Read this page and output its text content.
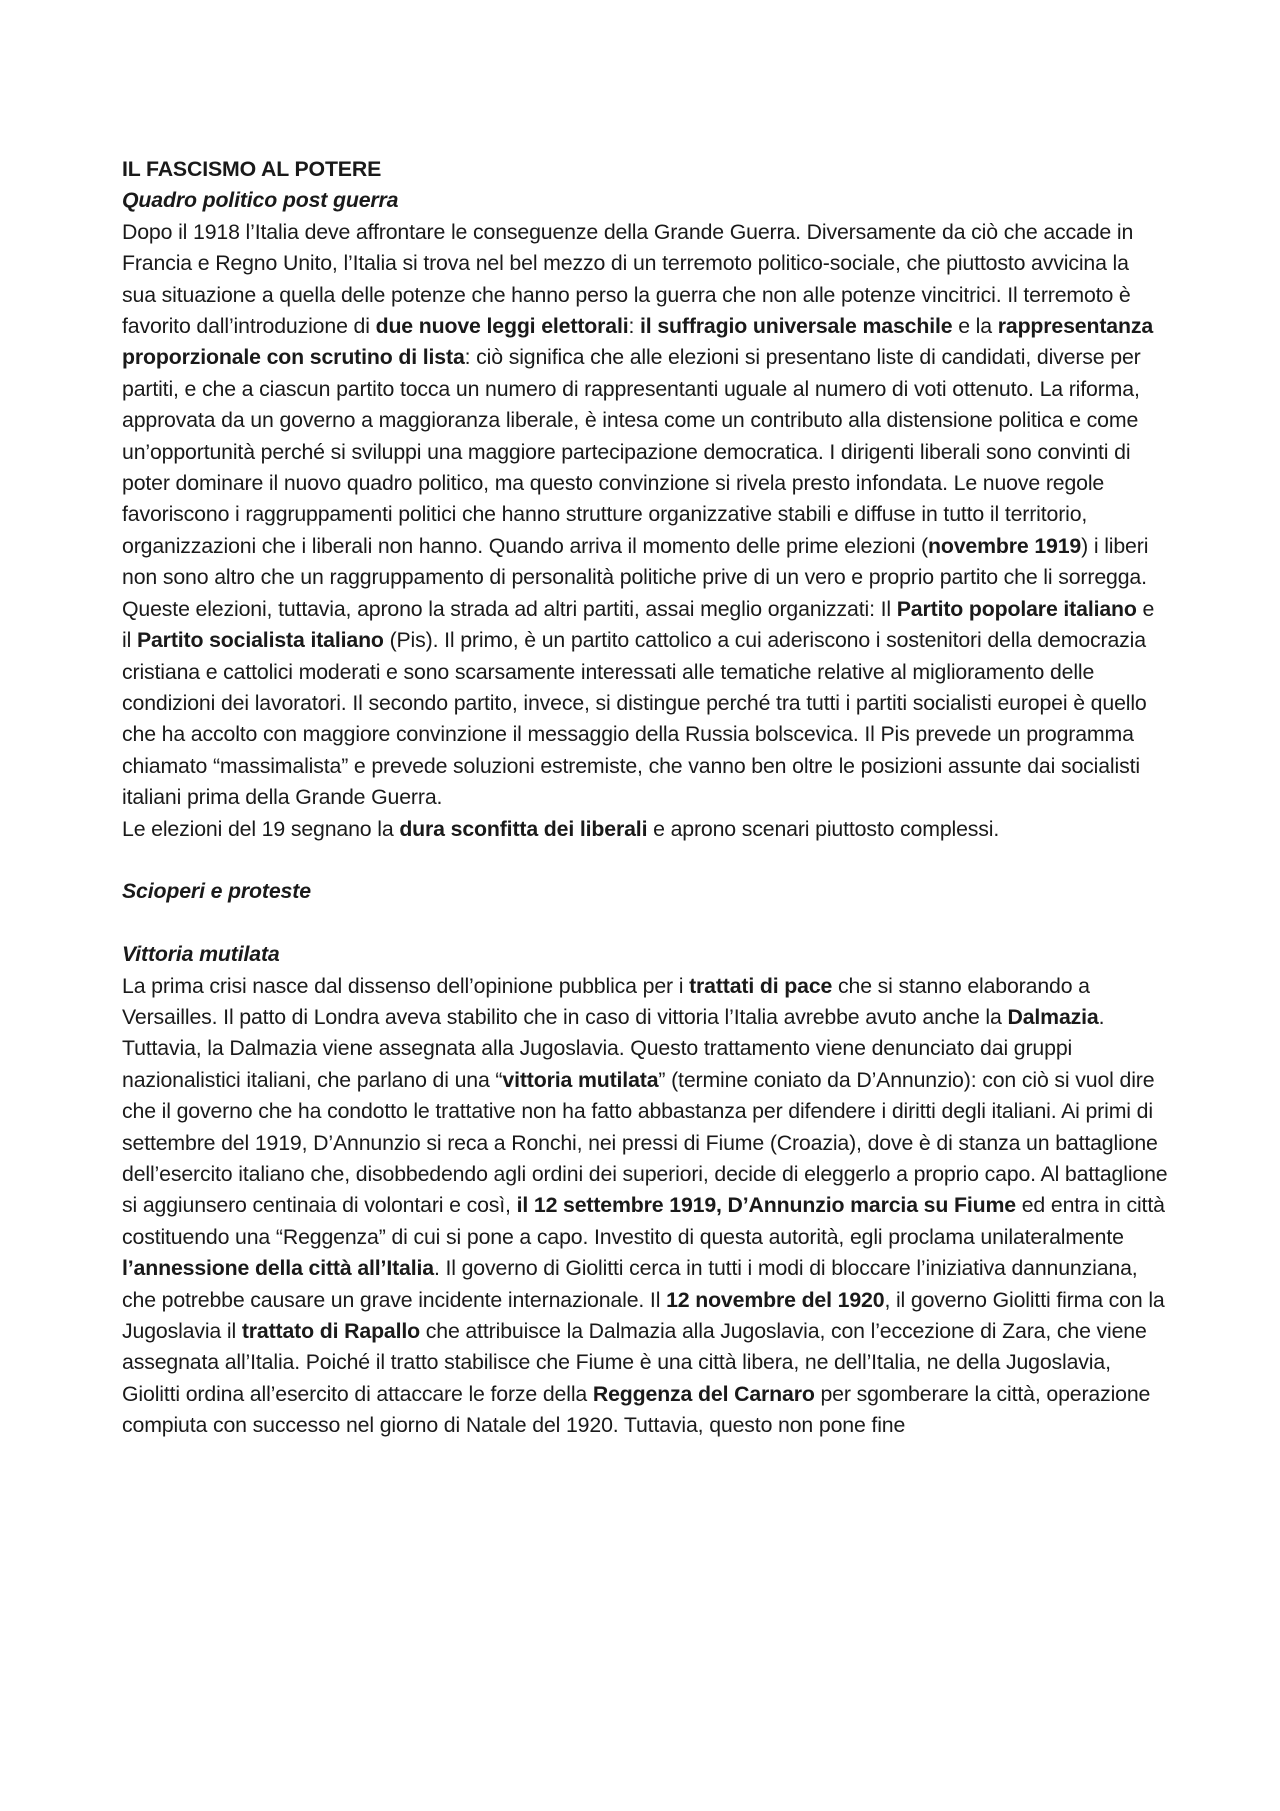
IL FASCISMO AL POTERE

Quadro politico post guerra

Dopo il 1918 l’Italia deve affrontare le conseguenze della Grande Guerra. Diversamente da ciò che accade in Francia e Regno Unito, l’Italia si trova nel bel mezzo di un terremoto politico-sociale, che piuttosto avvicina la sua situazione a quella delle potenze che hanno perso la guerra che non alle potenze vincitrici. Il terremoto è favorito dall’introduzione di due nuove leggi elettorali: il suffragio universale maschile e la rappresentanza proporzionale con scrutino di lista: ciò significa che alle elezioni si presentano liste di candidati, diverse per partiti, e che a ciascun partito tocca un numero di rappresentanti uguale al numero di voti ottenuto. La riforma, approvata da un governo a maggioranza liberale, è intesa come un contributo alla distensione politica e come un’opportunità perché si sviluppi una maggiore partecipazione democratica. I dirigenti liberali sono convinti di poter dominare il nuovo quadro politico, ma questo convinzione si rivela presto infondata. Le nuove regole favoriscono i raggruppamenti politici che hanno strutture organizzative stabili e diffuse in tutto il territorio, organizzazioni che i liberali non hanno. Quando arriva il momento delle prime elezioni (novembre 1919) i liberi non sono altro che un raggruppamento di personalità politiche prive di un vero e proprio partito che li sorregga. Queste elezioni, tuttavia, aprono la strada ad altri partiti, assai meglio organizzati: Il Partito popolare italiano e il Partito socialista italiano (Pis). Il primo, è un partito cattolico a cui aderiscono i sostenitori della democrazia cristiana e cattolici moderati e sono scarsamente interessati alle tematiche relative al miglioramento delle condizioni dei lavoratori. Il secondo partito, invece, si distingue perché tra tutti i partiti socialisti europei è quello che ha accolto con maggiore convinzione il messaggio della Russia bolscevica. Il Pis prevede un programma chiamato “massimalista” e prevede soluzioni estremiste, che vanno ben oltre le posizioni assunte dai socialisti italiani prima della Grande Guerra.

Le elezioni del 19 segnano la dura sconfitta dei liberali e aprono scenari piuttosto complessi.

Scioperi e proteste

Vittoria mutilata

La prima crisi nasce dal dissenso dell’opinione pubblica per i trattati di pace che si stanno elaborando a Versailles. Il patto di Londra aveva stabilito che in caso di vittoria l’Italia avrebbe avuto anche la Dalmazia. Tuttavia, la Dalmazia viene assegnata alla Jugoslavia. Questo trattamento viene denunciato dai gruppi nazionalistici italiani, che parlano di una “vittoria mutilata” (termine coniato da D’Annunzio): con ciò si vuol dire che il governo che ha condotto le trattative non ha fatto abbastanza per difendere i diritti degli italiani. Ai primi di settembre del 1919, D’Annunzio si reca a Ronchi, nei pressi di Fiume (Croazia), dove è di stanza un battaglione dell’esercito italiano che, disobbedendo agli ordini dei superiori, decide di eleggerlo a proprio capo. Al battaglione si aggiunsero centinaia di volontari e così, il 12 settembre 1919, D’Annunzio marcia su Fiume ed entra in città costituendo una “Reggenza” di cui si pone a capo. Investito di questa autorità, egli proclama unilateralmente l’annessione della città all’Italia. Il governo di Giolitti cerca in tutti i modi di bloccare l’iniziativa dannunziana, che potrebbe causare un grave incidente internazionale. Il 12 novembre del 1920, il governo Giolitti firma con la Jugoslavia il trattato di Rapallo che attribuisce la Dalmazia alla Jugoslavia, con l’eccezione di Zara, che viene assegnata all’Italia. Poiché il tratto stabilisce che Fiume è una città libera, ne dell’Italia, ne della Jugoslavia, Giolitti ordina all’esercito di attaccare le forze della Reggenza del Carnaro per sgomberare la città, operazione compiuta con successo nel giorno di Natale del 1920. Tuttavia, questo non pone fine
